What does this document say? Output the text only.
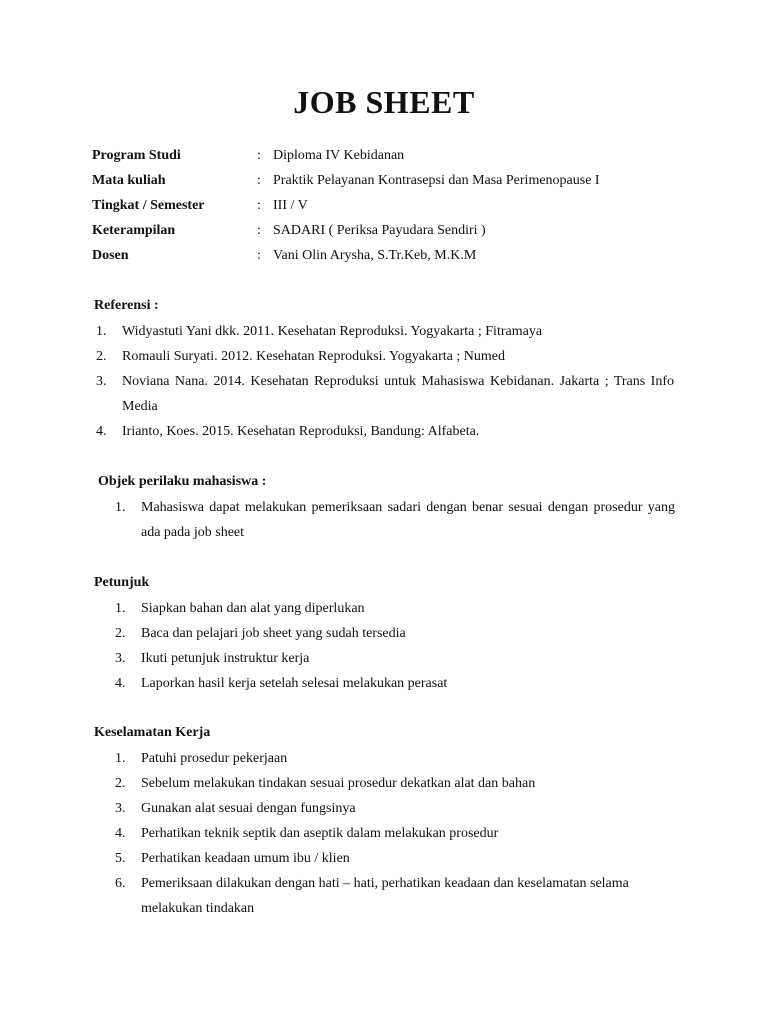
JOB SHEET
Program Studi	: Diploma IV Kebidanan
Mata kuliah	: Praktik Pelayanan Kontrasepsi dan Masa Perimenopause I
Tingkat / Semester	: III / V
Keterampilan	: SADARI ( Periksa Payudara Sendiri )
Dosen	: Vani Olin Arysha, S.Tr.Keb, M.K.M
Referensi :
1. Widyastuti Yani dkk. 2011. Kesehatan Reproduksi. Yogyakarta ; Fitramaya
2. Romauli Suryati. 2012. Kesehatan Reproduksi. Yogyakarta ; Numed
3. Noviana Nana. 2014. Kesehatan Reproduksi untuk Mahasiswa Kebidanan. Jakarta ; Trans Info Media
4. Irianto, Koes. 2015. Kesehatan Reproduksi, Bandung: Alfabeta.
Objek perilaku mahasiswa :
1. Mahasiswa dapat melakukan pemeriksaan sadari dengan benar sesuai dengan prosedur yang ada pada job sheet
Petunjuk
1. Siapkan bahan dan alat yang diperlukan
2. Baca dan pelajari job sheet yang sudah tersedia
3. Ikuti petunjuk instruktur kerja
4. Laporkan hasil kerja setelah selesai melakukan perasat
Keselamatan Kerja
1. Patuhi prosedur pekerjaan
2. Sebelum melakukan tindakan sesuai prosedur dekatkan alat dan bahan
3. Gunakan alat sesuai dengan fungsinya
4. Perhatikan teknik septik dan aseptik dalam melakukan prosedur
5. Perhatikan keadaan umum ibu / klien
6. Pemeriksaan dilakukan dengan hati – hati, perhatikan keadaan dan keselamatan selama melakukan tindakan
